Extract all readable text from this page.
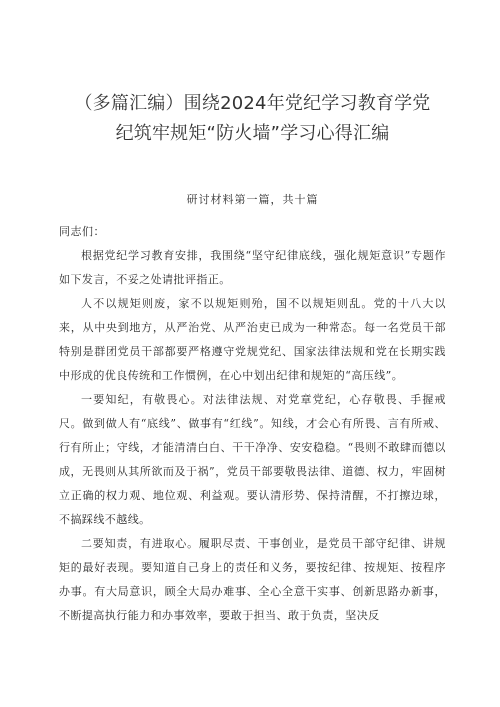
（多篇汇编）围绕2024年党纪学习教育学党
纪筑牢规矩“防火墙”学习心得汇编
研讨材料第一篇，共十篇
同志们：

根据党纪学习教育安排，我围绕“坚守纪律底线，强化规矩意识”专题作如下发言，不妥之处请批评指正。

人不以规矩则废，家不以规矩则殆，国不以规矩则乱。党的十八大以来，从中央到地方，从严治党、从严治吏已成为一种常态。每一名党员干部特别是群团党员干部都要严格遵守党规党纪、国家法律法规和党在长期实践中形成的优良传统和工作惯例，在心中划出纪律和规矩的“高压线”。

一要知纪，有敬畏心。对法律法规、对党章党纪，心存敬畏、手握戒尺。做到做人有“底线”、做事有“红线”。知线，才会心有所畏、言有所戒、行有所止；守线，才能清清白白、干干净净、安安稳稳。“畏则不敢肆而德以成，无畏则从其所欲而及于祸”，党员干部要敬畏法律、道德、权力，牢固树立正确的权力观、地位观、利益观。要认清形势、保持清醒，不打擦边球，不搞踩线不越线。

二要知责，有进取心。履职尽责、干事创业，是党员干部守纪律、讲规矩的最好表现。要知道自己身上的责任和义务，要按纪律、按规矩、按程序办事。有大局意识，顾全大局办难事、全心全意干实事、创新思路办新事，不断提高执行能力和办事效率，要敢于担当、敢于负责，坚决反
